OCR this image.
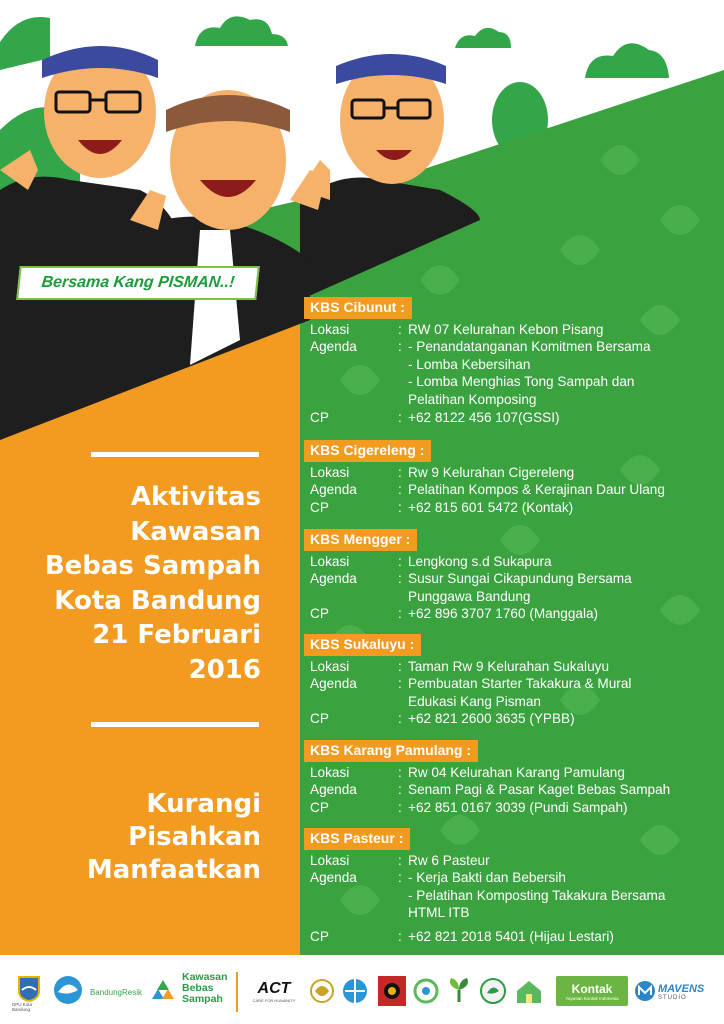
Bersama Kang PISMAN..!
Aktivitas
Kawasan
Bebas Sampah
Kota Bandung
21 Februari
2016
Kurangi
Pisahkan
Manfaatkan
KBS Cibunut :
Lokasi	: RW 07 Kelurahan Kebon Pisang
Agenda	: - Penandatanganan Komitmen Bersama
- Lomba Kebersihan
- Lomba Menghias Tong Sampah dan
Pelatihan Komposing
CP	: +62 8122 456 107(GSSI)
KBS Cigereleng :
Lokasi	: Rw 9 Kelurahan Cigereleng
Agenda	: Pelatihan Kompos & Kerajinan Daur Ulang
CP	: +62 815 601 5472 (Kontak)
KBS Mengger :
Lokasi	: Lengkong s.d Sukapura
Agenda	: Susur Sungai Cikapundung Bersama
Punggawa Bandung
CP	: +62 896 3707 1760 (Manggala)
KBS Sukaluyu :
Lokasi	: Taman Rw 9 Kelurahan Sukaluyu
Agenda	: Pembuatan Starter Takakura & Mural
Edukasi Kang Pisman
CP	: +62 821 2600 3635 (YPBB)
KBS Karang Pamulang :
Lokasi	: Rw 04 Kelurahan Karang Pamulang
Agenda	: Senam Pagi & Pasar Kaget Bebas Sampah
CP	: +62 851 0167 3039 (Pundi Sampah)
KBS Pasteur :
Lokasi	: Rw 6 Pasteur
Agenda	: - Kerja Bakti dan Bebersih
- Pelatihan Komposting Takakura Bersama
HTML ITB
CP	: +62 821 2018 5401 (Hijau Lestari)
DPU Kota Bandung
BandungResik
Kawasan
Bebas
Sampah
ACT
CARE FOR HUMANITY
Kontak
Yayasan Kontak Indonesia
MAVENS
STUDIO
